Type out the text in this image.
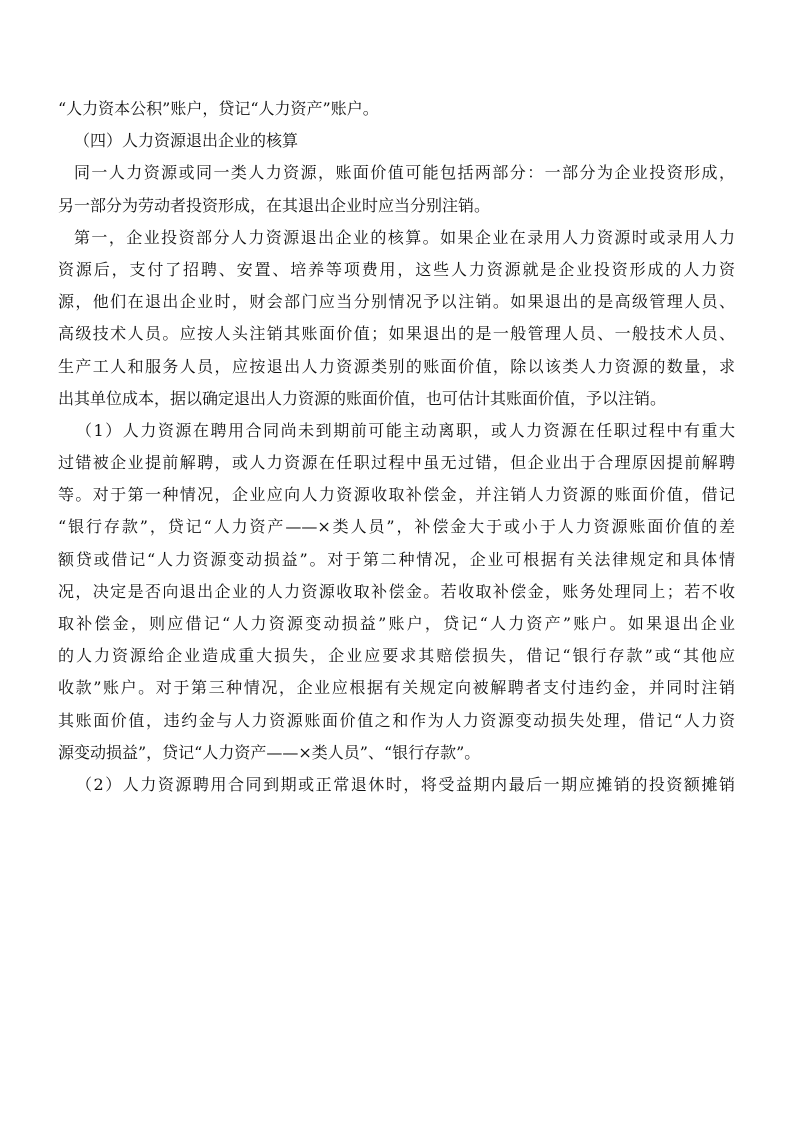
“人力资本公积”账户，贷记“人力资产”账户。
（四）人力资源退出企业的核算
同一人力资源或同一类人力资源，账面价值可能包括两部分：一部分为企业投资形成，
另一部分为劳动者投资形成，在其退出企业时应当分别注销。
第一，企业投资部分人力资源退出企业的核算。如果企业在录用人力资源时或录用人力
资源后，支付了招聘、安置、培养等项费用，这些人力资源就是企业投资形成的人力资
源，他们在退出企业时，财会部门应当分别情况予以注销。如果退出的是高级管理人员、
高级技术人员。应按人头注销其账面价值；如果退出的是一般管理人员、一般技术人员、
生产工人和服务人员，应按退出人力资源类别的账面价值，除以该类人力资源的数量，求
出其单位成本，据以确定退出人力资源的账面价值，也可估计其账面价值，予以注销。
（1）人力资源在聘用合同尚未到期前可能主动离职，或人力资源在任职过程中有重大
过错被企业提前解聘，或人力资源在任职过程中虽无过错，但企业出于合理原因提前解聘
等。对于第一种情况，企业应向人力资源收取补偿金，并注销人力资源的账面价值，借记
“银行存款”，贷记“人力资产——×类人员”，补偿金大于或小于人力资源账面价值的差
额贷或借记“人力资源变动损益”。对于第二种情况，企业可根据有关法律规定和具体情
况，决定是否向退出企业的人力资源收取补偿金。若收取补偿金，账务处理同上；若不收
取补偿金，则应借记“人力资源变动损益”账户，贷记“人力资产”账户。如果退出企业
的人力资源给企业造成重大损失，企业应要求其赔偿损失，借记“银行存款”或“其他应
收款”账户。对于第三种情况，企业应根据有关规定向被解聘者支付违约金，并同时注销
其账面价值，违约金与人力资源账面价值之和作为人力资源变动损失处理，借记“人力资
源变动损益”，贷记“人力资产——×类人员”、“银行存款”。
（2）人力资源聘用合同到期或正常退休时，将受益期内最后一期应摊销的投资额摊销
